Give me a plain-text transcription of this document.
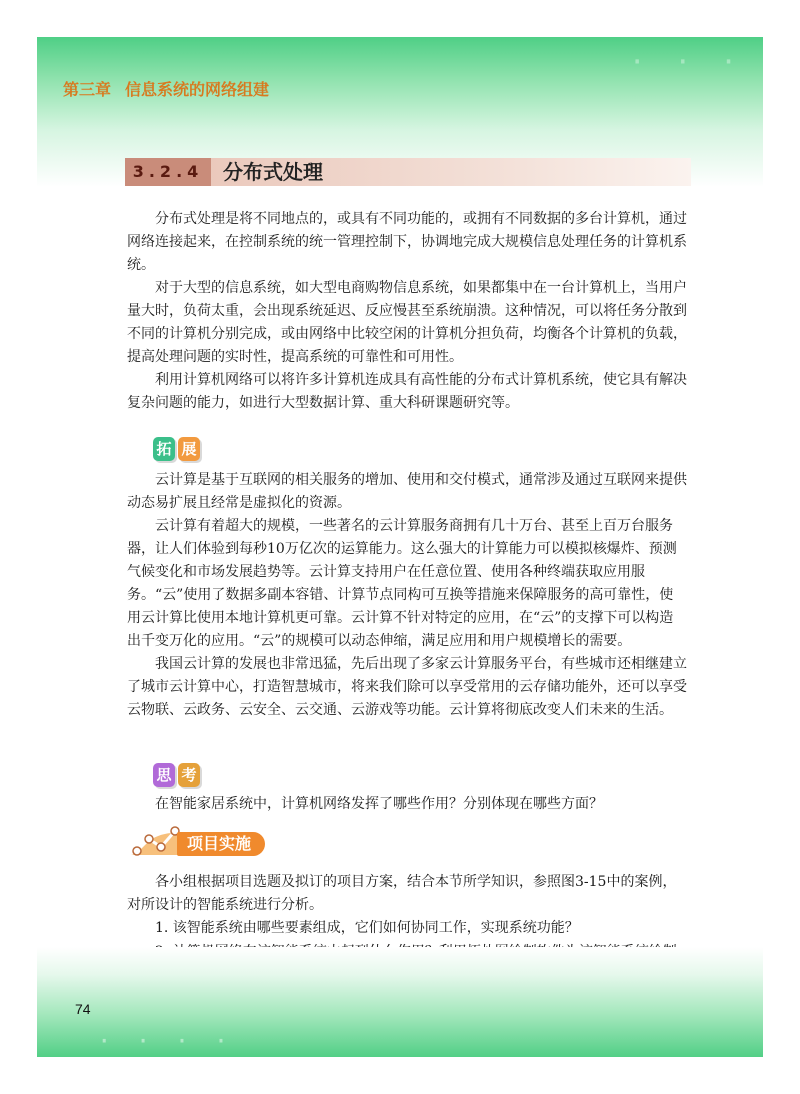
· · ·
第三章 信息系统的网络组建
3.2.4 分布式处理

分布式处理是将不同地点的，或具有不同功能的，或拥有不同数据的多台计算机，通过网络连接起来，在控制系统的统一管理控制下，协调地完成大规模信息处理任务的计算机系统。

对于大型的信息系统，如大型电商购物信息系统，如果都集中在一台计算机上，当用户量大时，负荷太重，会出现系统延迟、反应慢甚至系统崩溃。这种情况，可以将任务分散到不同的计算机分别完成，或由网络中比较空闲的计算机分担负荷，均衡各个计算机的负载，提高处理问题的实时性，提高系统的可靠性和可用性。

利用计算机网络可以将许多计算机连成具有高性能的分布式计算机系统，使它具有解决复杂问题的能力，如进行大型数据计算、重大科研课题研究等。

拓 展

云计算是基于互联网的相关服务的增加、使用和交付模式，通常涉及通过互联网来提供动态易扩展且经常是虚拟化的资源。

云计算有着超大的规模，一些著名的云计算服务商拥有几十万台、甚至上百万台服务器，让人们体验到每秒10万亿次的运算能力。这么强大的计算能力可以模拟核爆炸、预测气候变化和市场发展趋势等。云计算支持用户在任意位置、使用各种终端获取应用服务。“云”使用了数据多副本容错、计算节点同构可互换等措施来保障服务的高可靠性，使用云计算比使用本地计算机更可靠。云计算不针对特定的应用，在“云”的支撑下可以构造出千变万化的应用。“云”的规模可以动态伸缩，满足应用和用户规模增长的需要。

我国云计算的发展也非常迅猛，先后出现了多家云计算服务平台，有些城市还相继建立了城市云计算中心，打造智慧城市，将来我们除可以享受常用的云存储功能外，还可以享受云物联、云政务、云安全、云交通、云游戏等功能。云计算将彻底改变人们未来的生活。

思 考

在智能家居系统中，计算机网络发挥了哪些作用？分别体现在哪些方面？

项目实施

各小组根据项目选题及拟订的项目方案，结合本节所学知识，参照图3-15中的案例，对所设计的智能系统进行分析。

1. 该智能系统由哪些要素组成，它们如何协同工作，实现系统功能？

· · · ·
74
